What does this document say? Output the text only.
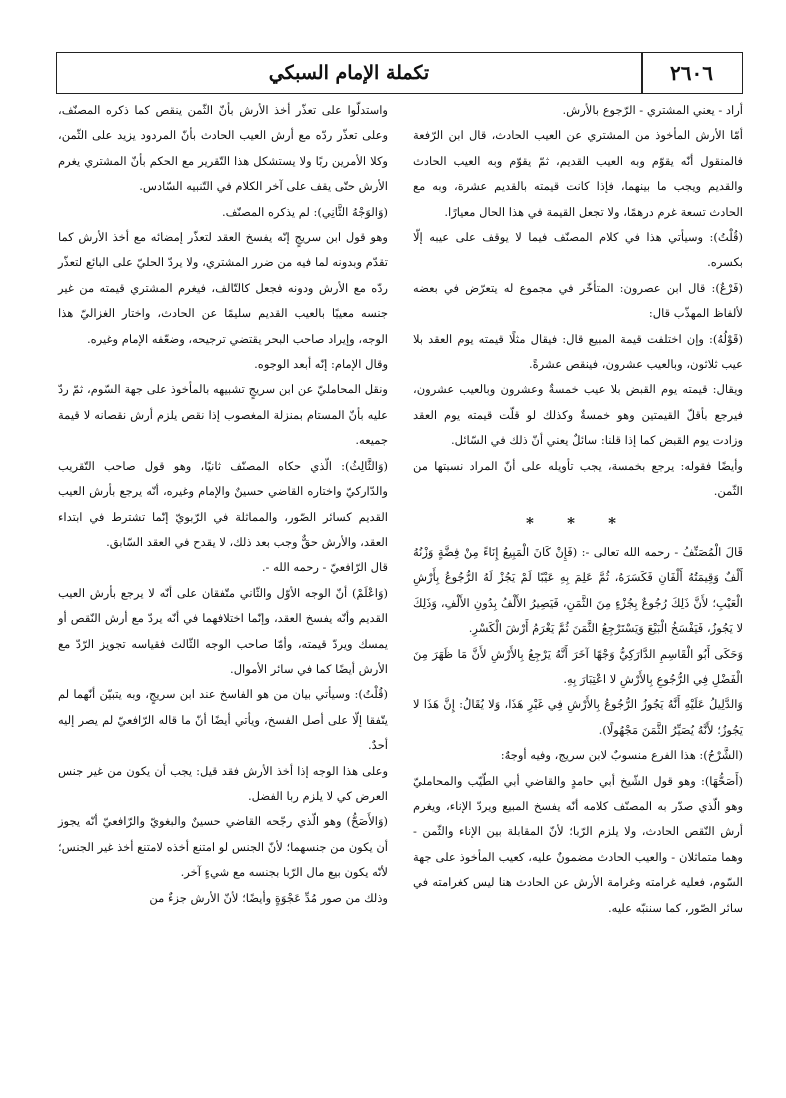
٢٦٠٦
تكملة الإمام السبكي

أراد - يعني المشتري - الرّجوع بالأرش.

أمّا الأرش المأخوذ من المشتري عن العيب الحادث، قال ابن الرّفعة فالمنقول أنّه يقوّم وبه العيب القديم، ثمّ يقوّم وبه العيب الحادث والقديم ويجب ما بينهما، فإذا كانت قيمته بالقديم عشرة، وبه مع الحادث تسعة غرم درهمًا، ولا تجعل القيمة في هذا الحال معيارًا.

(قُلْتُ): وسيأتي هذا في كلام المصنّف فيما لا يوقف على عيبه إلّا بكسره.

(فَرْعٌ): قال ابن عصرون: المتأخّر في مجموع له يتعرّض في بعضه لألفاظ المهذّب قال:

(قَوْلُهُ): وإن اختلفت قيمة المبيع قال: فيقال مثلًا قيمته يوم العقد بلا عيب ثلاثون، وبالعيب عشرون، فينقص عشرةً.

ويقال: قيمته يوم القبض بلا عيب خمسةٌ وعشرون وبالعيب عشرون، فيرجع بأقلّ القيمتين وهو خمسةٌ وكذلك لو قلّت قيمته يوم العقد وزادت يوم القبض كما إذا قلنا: سائلٌ يعني أنّ ذلك في السّائل.

وأيضًا فقوله: يرجع بخمسة، يجب تأويله على أنّ المراد نسبتها من الثّمن.

* * *

قَالَ الْمُصَنِّفُ - رحمه الله تعالى -: (فَإِنْ كَانَ الْمَبِيعُ إِنَاءً مِنْ فِضَّةٍ وَزْنُهُ أَلْفٌ وَقِيمَتُهُ أَلْفَانِ فَكَسَرَهُ، ثُمَّ عَلِمَ بِهِ عَيْبًا لَمْ يَجُزْ لَهُ الرُّجُوعُ بِأَرْشِ الْعَيْبِ؛ لأَنَّ ذَلِكَ رُجُوعٌ بِجُزْءٍ مِنَ الثَّمَنِ، فَيَصِيرُ الأَلْفُ بِدُونِ الأَلْفِ، وَذَلِكَ لا يَجُوزُ، فَيَفْسَخُ الْبَيْعَ وَيَسْتَرْجِعُ الثَّمَنَ ثُمَّ يَغْرَمُ أَرْشَ الْكَسْرِ.

وَحَكَى أَبُو الْقَاسِمِ الدَّارَكِيُّ وَجْهًا آخَرَ أَنَّهُ يَرْجِعُ بِالأَرْشِ لأَنَّ مَا ظَهَرَ مِنَ الْفَضْلِ فِي الرُّجُوعِ بِالأَرْشِ لا اعْتِبَارَ بِهِ.

وَالدَّلِيلُ عَلَيْهِ أَنَّهُ يَجُوزُ الرُّجُوعُ بِالأَرْشِ فِي غَيْرِ هَذَا، وَلا يُقَالُ: إِنَّ هَذَا لا يَجُوزُ؛ لأَنَّهُ يُصَيِّرُ الثَّمَنَ مَجْهُولًا).

(الشَّرْحُ): هذا الفرع منسوبٌ لابن سريج، وفيه أوجهٌ:

(أَصَحُّهَا): وهو قول الشّيخ أبي حامدٍ والقاضي أبي الطّيّب والمحامليّ وهو الّذي صدّر به المصنّف كلامه أنّه يفسخ المبيع ويردّ الإناء، ويغرم أرش النّقص الحادث، ولا يلزم الرّبا؛ لأنّ المقابلة بين الإناء والثّمن - وهما متماثلان - والعيب الحادث مضمونٌ عليه، كعيب المأخوذ على جهة السّوم، فعليه غرامته وغرامة الأرش عن الحادث هنا ليس كغرامته في سائر الصّور، كما سننبّه عليه.

واستدلّوا على تعذّر أخذ الأرش بأنّ الثّمن ينقص كما ذكره المصنّف، وعلى تعذّر ردّه مع أرش العيب الحادث بأنّ المردود يزيد على الثّمن، وكلا الأمرين ربًا ولا يستشكل هذا التّقرير مع الحكم بأنّ المشتري يغرم الأرش حتّى يقف على آخر الكلام في التّنبيه السّادس.

(وَالوَجْهُ الثَّانِي): لم يذكره المصنّف.

وهو قول ابن سريجٍ إنّه يفسخ العقد لتعذّر إمضائه مع أخذ الأرش كما تقدّم وبدونه لما فيه من ضرر المشتري، ولا يردّ الحليّ على البائع لتعذّر ردّه مع الأرش ودونه فجعل كالتّالف، فيغرم المشتري قيمته من غير جنسه معيبًا بالعيب القديم سليمًا عن الحادث، واختار الغزاليّ هذا الوجه، وإيراد صاحب البحر يقتضي ترجيحه، وضعّفه الإمام وغيره.

وقال الإمام: إنّه أبعد الوجوه.

ونقل المحامليّ عن ابن سريجٍ تشبيهه بالمأخوذ على جهة السّوم، ثمّ ردّ عليه بأنّ المستام بمنزلة المغصوب إذا نقص يلزم أرش نقصانه لا قيمة جميعه.

(وَالثَّالِثُ): الّذي حكاه المصنّف ثانيًا، وهو قول صاحب التّقريب والدّاركيّ واختاره القاضي حسينٌ والإمام وغيره، أنّه يرجع بأرش العيب القديم كسائر الصّور، والمماثلة في الرّبويّ إنّما تشترط في ابتداء العقد، والأرش حقٌّ وجب بعد ذلك، لا يقدح في العقد السّابق.

قال الرّافعيّ - رحمه الله -.

(وَاعْلَمْ) أنّ الوجه الأوّل والثّاني متّفقان على أنّه لا يرجع بأرش العيب القديم وأنّه يفسخ العقد، وإنّما اختلافهما في أنّه يردّ مع أرش النّقص أو يمسك ويردّ قيمته، وأمّا صاحب الوجه الثّالث فقياسه تجويز الرّدّ مع الأرش أيضًا كما في سائر الأموال.

(قُلْتُ): وسيأتي بيان من هو الفاسخ عند ابن سريجٍ، وبه يتبيّن أنّهما لم يتّفقا إلّا على أصل الفسخ، ويأتي أيضًا أنّ ما قاله الرّافعيّ لم يصر إليه أحدٌ.

وعلى هذا الوجه إذا أخذ الأرش فقد قيل: يجب أن يكون من غير جنس العرض كي لا يلزم ربا الفضل.

(وَالأَصَحُّ) وهو الّذي رجّحه القاضي حسينٌ والبغويّ والرّافعيّ أنّه يجوز أن يكون من جنسهما؛ لأنّ الجنس لو امتنع أخذه لامتنع أخذ غير الجنس؛ لأنّه يكون بيع مال الرّبا بجنسه مع شيءٍ آخر.

وذلك من صور مُدِّ عَجْوَةٍ وأيضًا؛ لأنّ الأرش جزءٌ من
